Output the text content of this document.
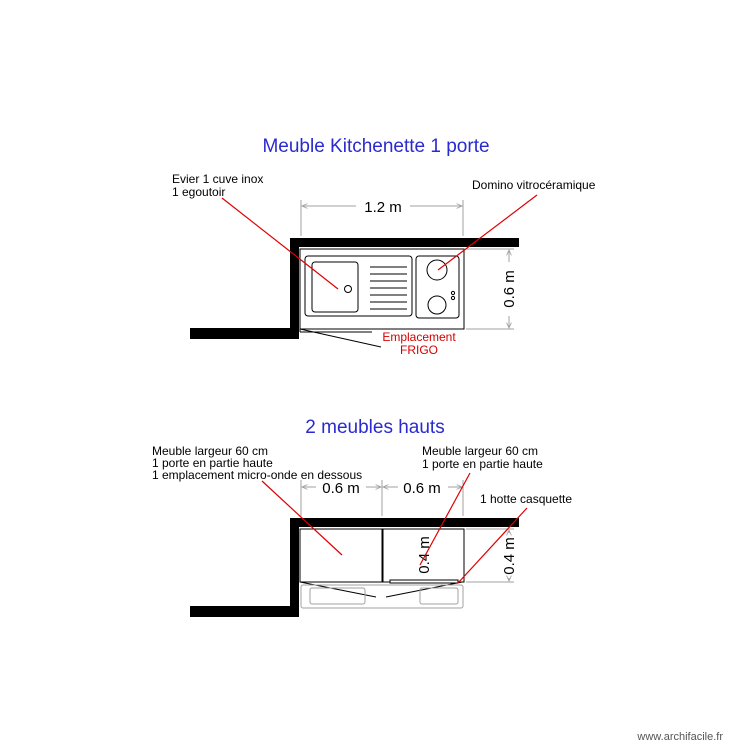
Meuble Kitchenette 1 porte
1.2 m
0.6 m
Evier 1 cuve inox
1 egoutoir	Domino vitrocéramique
Emplacement
FRIGO
2 meubles hauts
0.6 m	0.6 m
0.4 m	0.4 m
Meuble largeur 60 cm
1 porte en partie haute
1 emplacement micro-onde en dessous
Meuble largeur 60 cm
1 porte en partie haute
1 hotte casquette
www.archifacile.fr
